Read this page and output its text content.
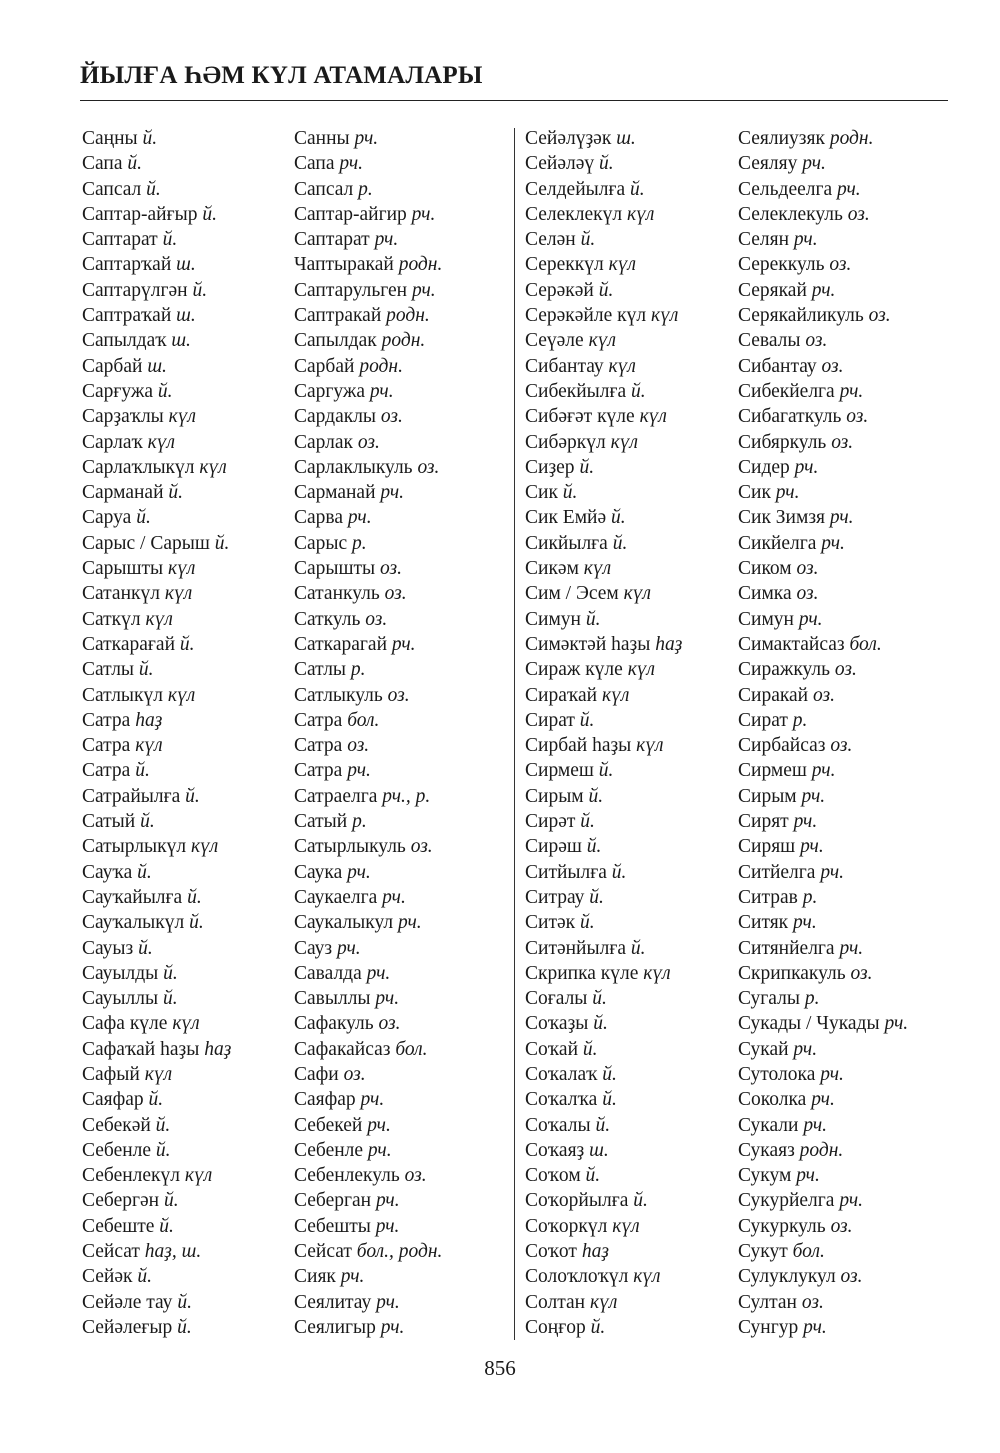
ЙЫЛҒА ҺӘМ КҮЛ АТАМАЛАРЫ
Саңны й.
Сапа й.
Сапсал й.
Саптар-айғыр й.
Саптарат й.
Саптарҡай ш.
Саптарүлгән й.
Саптраҡай ш.
Сапылдаҡ ш.
Сарбай ш.
Сарғужа й.
Сарҙаҡлы күл
Сарлаҡ күл
Сарлаҡлыкүл күл
Сарманай й.
Саруа й.
Сарыс / Сарыш й.
Сарышты күл
Сатанкүл күл
Саткүл күл
Саткарағай й.
Сатлы й.
Сатлыкүл күл
Сатра һаҙ
Сатра күл
Сатра й.
Сатрайылға й.
Сатый й.
Сатырлыкүл күл
Сауҡа й.
Сауҡайылға й.
Сауҡалыкүл й.
Сауыз й.
Сауылды й.
Сауыллы й.
Сафа күле күл
Сафаҡай һаҙы һаҙ
Сафый күл
Саяфар й.
Себекәй й.
Себенле й.
Себенлекүл күл
Себергән й.
Себеште й.
Сейсат һаҙ, ш.
Сейәк й.
Сейәле тау й.
Сейәлеғыр й.
Санны рч.
Сапа рч.
Сапсал р.
Саптар-айгир рч.
Саптарат рч.
Чаптыракай родн.
Саптарульген рч.
Саптракай родн.
Сапылдак родн.
Сарбай родн.
Саргужа рч.
Сардаклы оз.
Сарлак оз.
Сарлаклыкуль оз.
Сарманай рч.
Сарва рч.
Сарыс р.
Сарышты оз.
Сатанкуль оз.
Саткуль оз.
Саткарагай рч.
Сатлы р.
Сатлыкуль оз.
Сатра бол.
Сатра оз.
Сатра рч.
Сатраелга рч., р.
Сатый р.
Сатырлыкуль оз.
Саука рч.
Саукаелга рч.
Саукалыкул рч.
Сауз рч.
Савалда рч.
Савыллы рч.
Сафакуль оз.
Сафакайсаз бол.
Сафи оз.
Саяфар рч.
Себекей рч.
Себенле рч.
Себенлекуль оз.
Себерган рч.
Себешты рч.
Сейсат бол., родн.
Сияк рч.
Сеялитау рч.
Сеялигыр рч.
Сейәлүҙәк ш.
Сейәләү й.
Селдейылға й.
Селеклекүл күл
Селән й.
Сереккүл күл
Серәкәй й.
Серәкәйле күл күл
Сеүәле күл
Сибантау күл
Сибекйылға й.
Сибәғәт күле күл
Сибәркүл күл
Сиҙер й.
Сик й.
Сик Емйә й.
Сикйылға й.
Сикәм күл
Сим / Эсем күл
Симун й.
Симәктәй һаҙы һаҙ
Сираж күле күл
Сираҡай күл
Сират й.
Сирбай һаҙы күл
Сирмеш й.
Сирым й.
Сирәт й.
Сирәш й.
Ситйылға й.
Ситрау й.
Ситәк й.
Ситәнйылға й.
Скрипка күле күл
Соғалы й.
Соҡаҙы й.
Соҡай й.
Соҡалаҡ й.
Соҡалҡа й.
Соҡалы й.
Соҡаяҙ ш.
Соҡом й.
Соҡорйылға й.
Соҡоркүл күл
Соҡот һаҙ
Солоҡлоҡүл күл
Солтан күл
Соңғор й.
Сеялиузяк родн.
Сеяляу рч.
Сельдеелга рч.
Селеклекуль оз.
Селян рч.
Сереккуль оз.
Серякай рч.
Серякайликуль оз.
Севалы оз.
Сибантау оз.
Сибекйелга рч.
Сибагаткуль оз.
Сибяркуль оз.
Сидер рч.
Сик рч.
Сик Зимзя рч.
Сикйелга рч.
Сиком оз.
Симка оз.
Симун рч.
Симактайсаз бол.
Сиражкуль оз.
Сиракай оз.
Сират р.
Сирбайсаз оз.
Сирмеш рч.
Сирым рч.
Сирят рч.
Сиряш рч.
Ситйелга рч.
Ситрав р.
Ситяк рч.
Ситянйелга рч.
Скрипкакуль оз.
Сугалы р.
Сукады / Чукады рч.
Сукай рч.
Сутолока рч.
Соколка рч.
Сукали рч.
Сукаяз родн.
Сукум рч.
Сукурйелга рч.
Сукуркуль оз.
Сукут бол.
Сулуклукул оз.
Султан оз.
Сунгур рч.
856
